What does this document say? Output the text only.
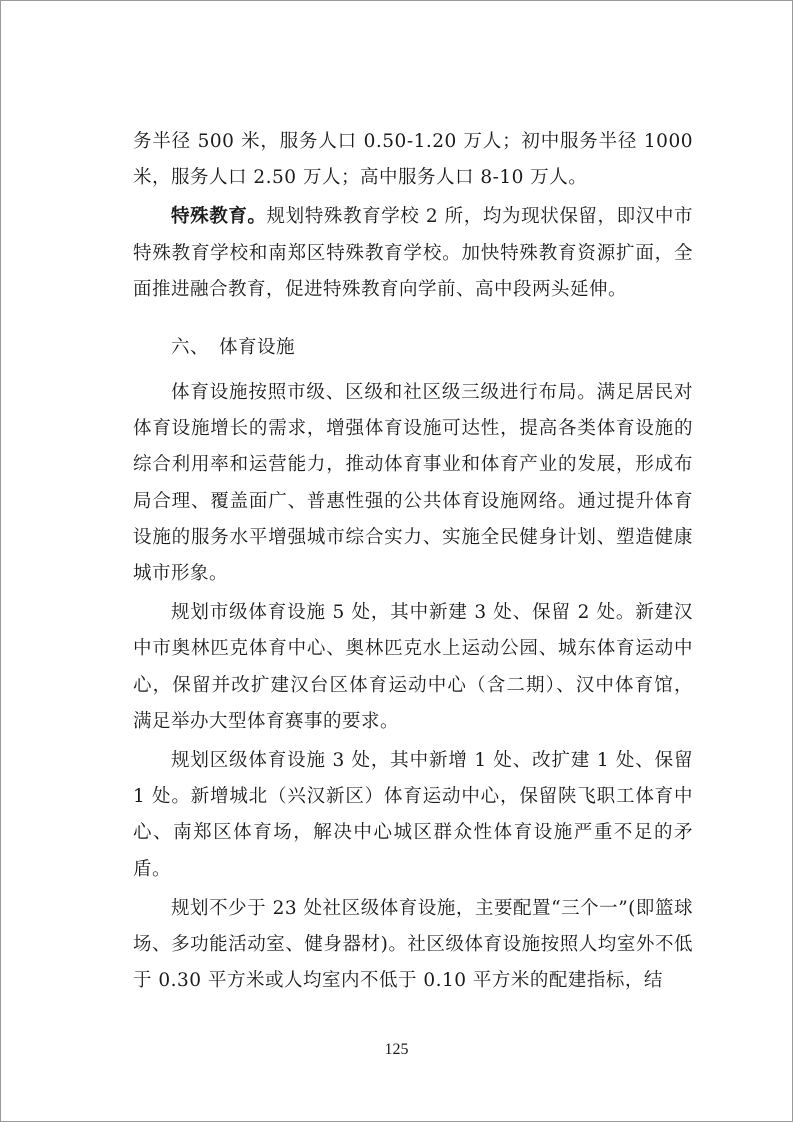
务半径 500 米，服务人口 0.50-1.20 万人；初中服务半径 1000 米，服务人口 2.50 万人；高中服务人口 8-10 万人。

特殊教育。规划特殊教育学校 2 所，均为现状保留，即汉中市特殊教育学校和南郑区特殊教育学校。加快特殊教育资源扩面，全面推进融合教育，促进特殊教育向学前、高中段两头延伸。

六、 体育设施

体育设施按照市级、区级和社区级三级进行布局。满足居民对体育设施增长的需求，增强体育设施可达性，提高各类体育设施的综合利用率和运营能力，推动体育事业和体育产业的发展，形成布局合理、覆盖面广、普惠性强的公共体育设施网络。通过提升体育设施的服务水平增强城市综合实力、实施全民健身计划、塑造健康城市形象。

规划市级体育设施 5 处，其中新建 3 处、保留 2 处。新建汉中市奥林匹克体育中心、奥林匹克水上运动公园、城东体育运动中心，保留并改扩建汉台区体育运动中心（含二期）、汉中体育馆，满足举办大型体育赛事的要求。

规划区级体育设施 3 处，其中新增 1 处、改扩建 1 处、保留 1 处。新增城北（兴汉新区）体育运动中心，保留陕飞职工体育中心、南郑区体育场，解决中心城区群众性体育设施严重不足的矛盾。

规划不少于 23 处社区级体育设施，主要配置“三个一”(即篮球场、多功能活动室、健身器材)。社区级体育设施按照人均室外不低于 0.30 平方米或人均室内不低于 0.10 平方米的配建指标，结

125
